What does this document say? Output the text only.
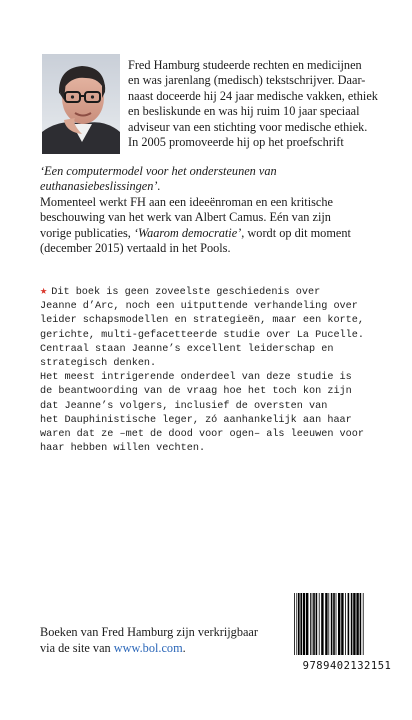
Fred Hamburg studeerde rechten en medicijnen

en was jarenlang (medisch) tekstschrijver. Daar-

naast doceerde hij 24 jaar medische vakken, ethiek

en besliskunde en was hij ruim 10 jaar speciaal

adviseur van een stichting voor medische ethiek.

In 2005 promoveerde hij op het proefschrift

‘Een computermodel voor het ondersteunen van euthanasiebeslissingen’.

Momenteel werkt FH aan een ideeënroman en een kritische

beschouwing van het werk van Albert Camus. Eén van zijn

vorige publicaties, ‘Waarom democratie’, wordt op dit moment

(december 2015) vertaald in het Pools.

★ Dit boek is geen zoveelste geschiedenis over

Jeanne d’Arc, noch een uitputtende verhandeling over

leider schapsmodellen en strategieën, maar een korte,

gerichte, multi-gefacetteerde studie over La Pucelle.

Centraal staan Jeanne’s excellent leiderschap en

strategisch denken.

Het meest intrigerende onderdeel van deze studie is

de beantwoording van de vraag hoe het toch kon zijn

dat Jeanne’s volgers, inclusief de oversten van

het Dauphinistische leger, zó aanhankelijk aan haar

waren dat ze –met de dood voor ogen– als leeuwen voor

haar hebben willen vechten.

Boeken van Fred Hamburg zijn verkrijgbaar

via de site van www.bol.com.

9789402132151
